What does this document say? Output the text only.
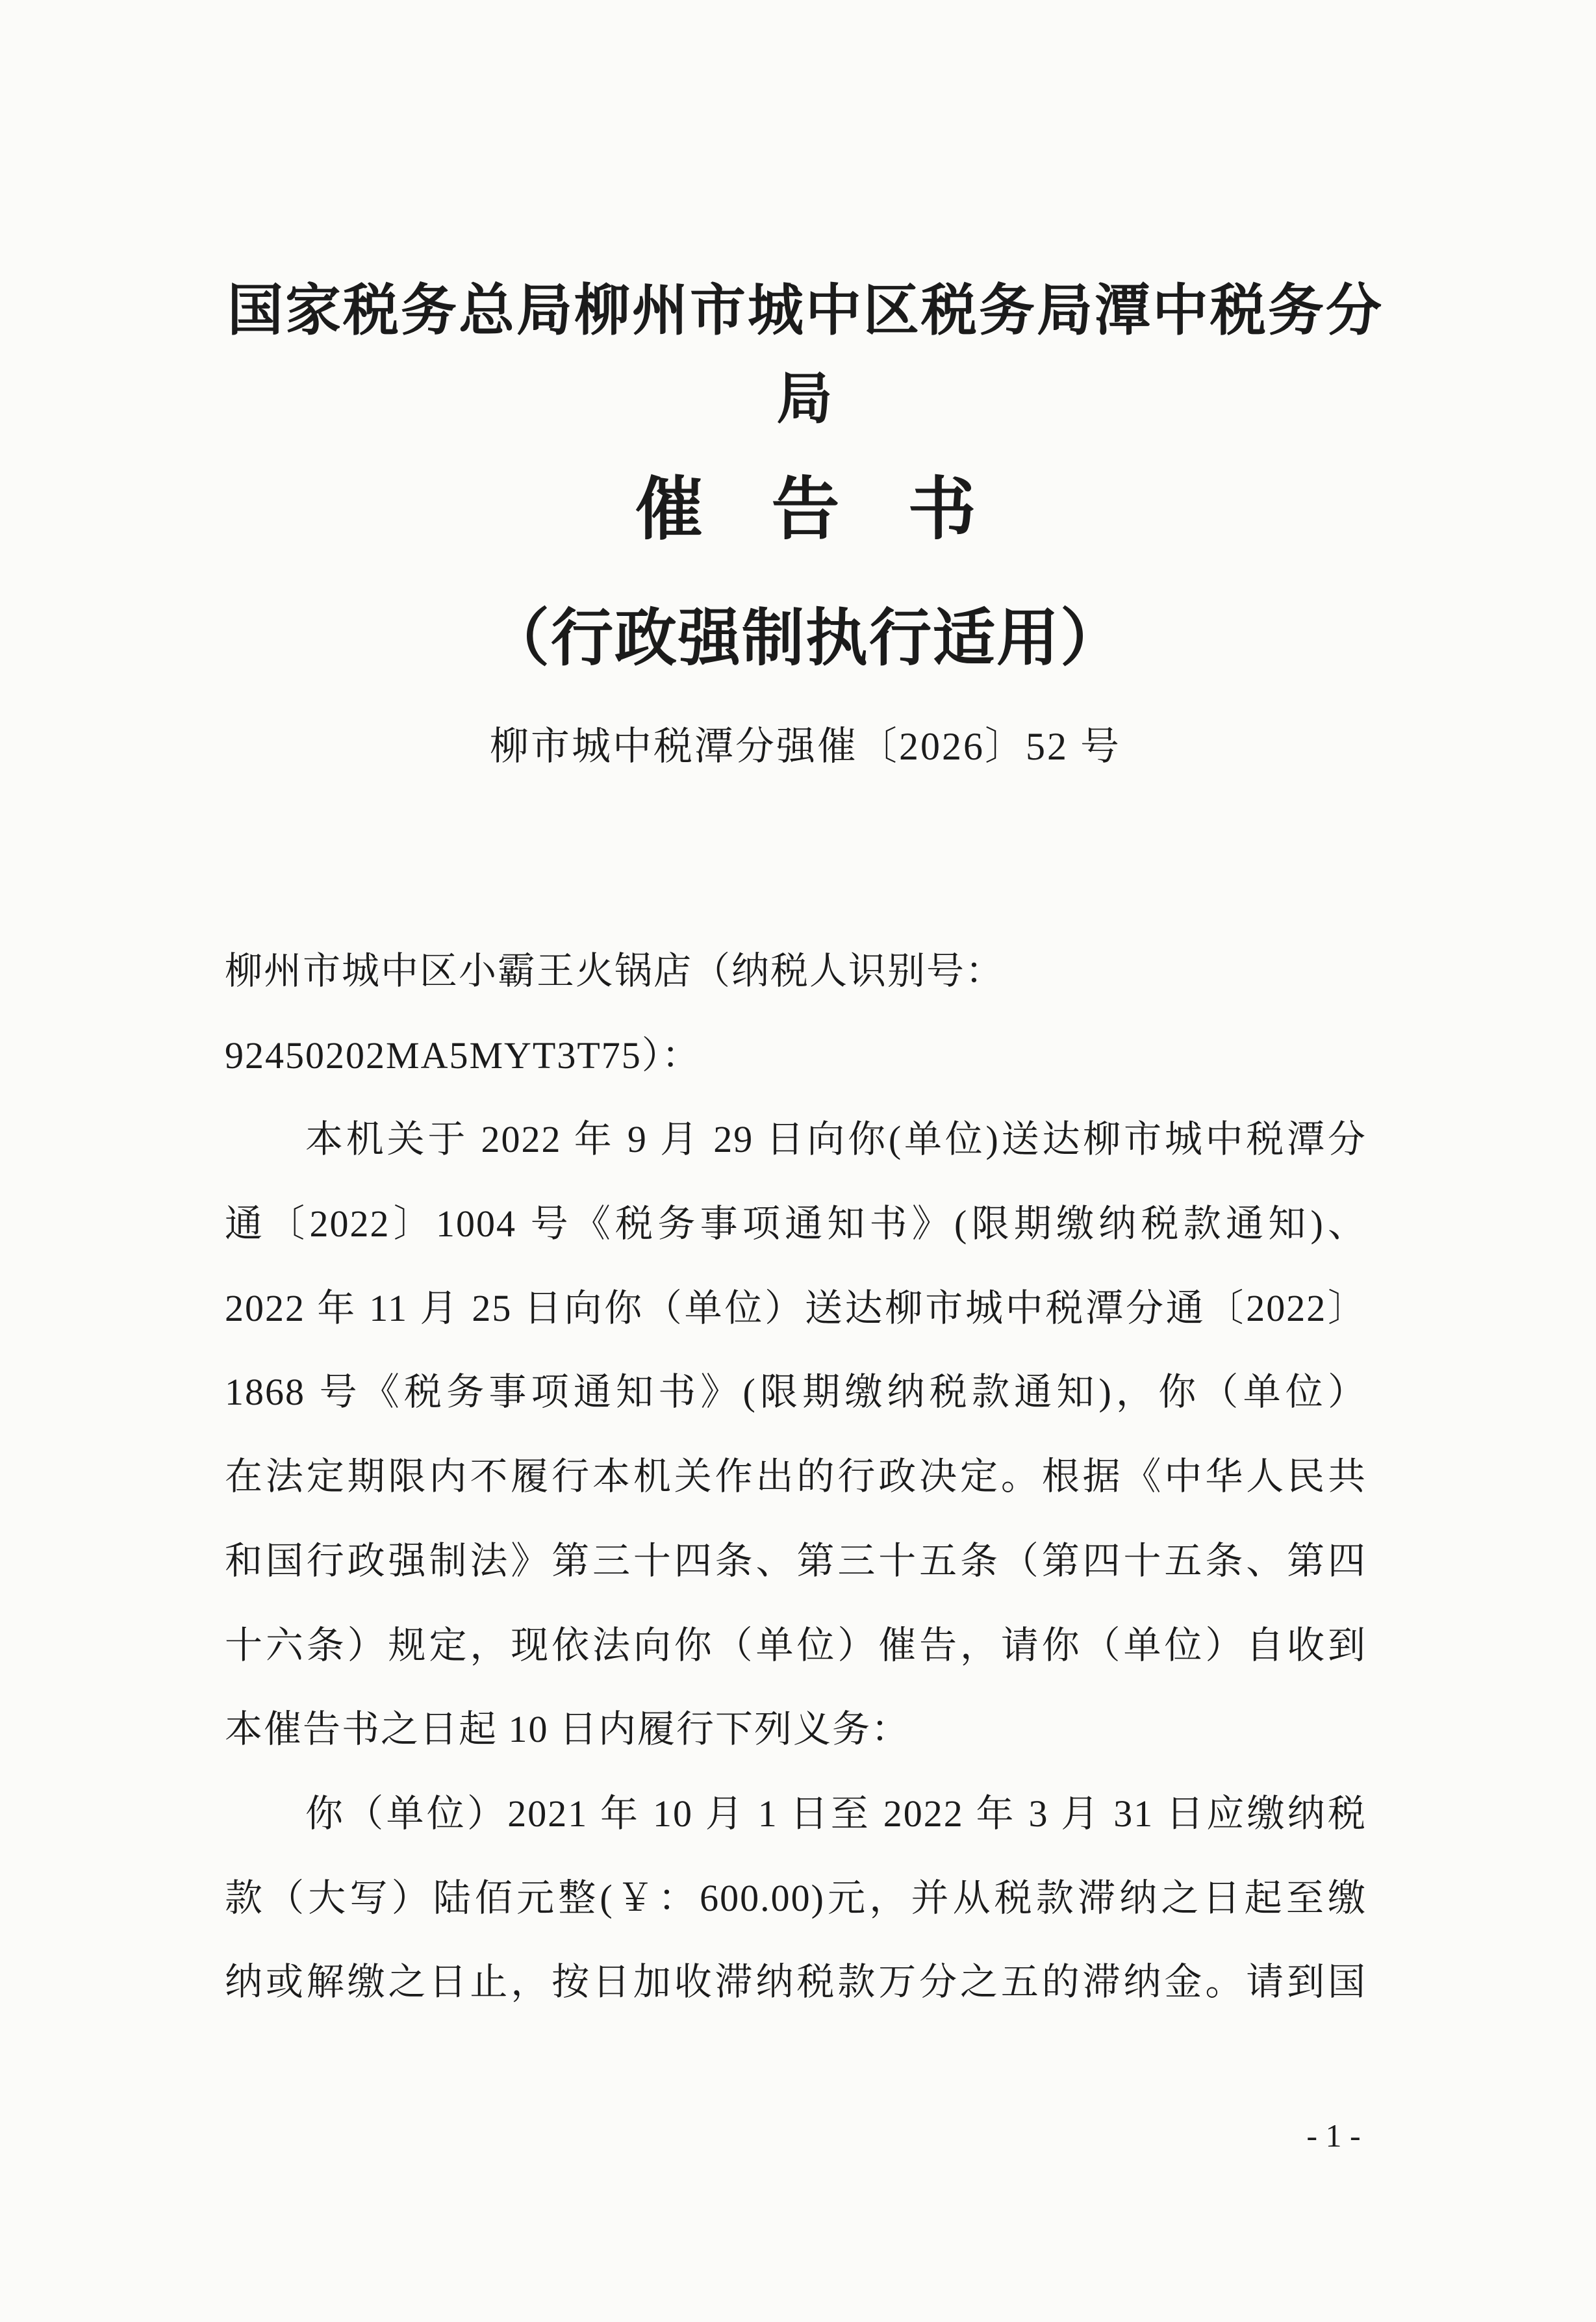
国家税务总局柳州市城中区税务局潭中税务分
局
催　告　书
（行政强制执行适用）
柳市城中税潭分强催〔2026〕52 号
柳州市城中区小霸王火锅店（纳税人识别号：
92450202MA5MYT3T75）：
本机关于 2022 年 9 月 29 日向你(单位)送达柳市城中税潭分
通〔2022〕1004 号《税务事项通知书》(限期缴纳税款通知)、
2022 年 11 月 25 日向你（单位）送达柳市城中税潭分通〔2022〕
1868 号《税务事项通知书》(限期缴纳税款通知)，你（单位）
在法定期限内不履行本机关作出的行政决定。根据《中华人民共
和国行政强制法》第三十四条、第三十五条（第四十五条、第四
十六条）规定，现依法向你（单位）催告，请你（单位）自收到
本催告书之日起 10 日内履行下列义务：
你（单位）2021 年 10 月 1 日至 2022 年 3 月 31 日应缴纳税
款（大写）陆佰元整(￥：600.00)元，并从税款滞纳之日起至缴
纳或解缴之日止，按日加收滞纳税款万分之五的滞纳金。请到国
- 1 -
